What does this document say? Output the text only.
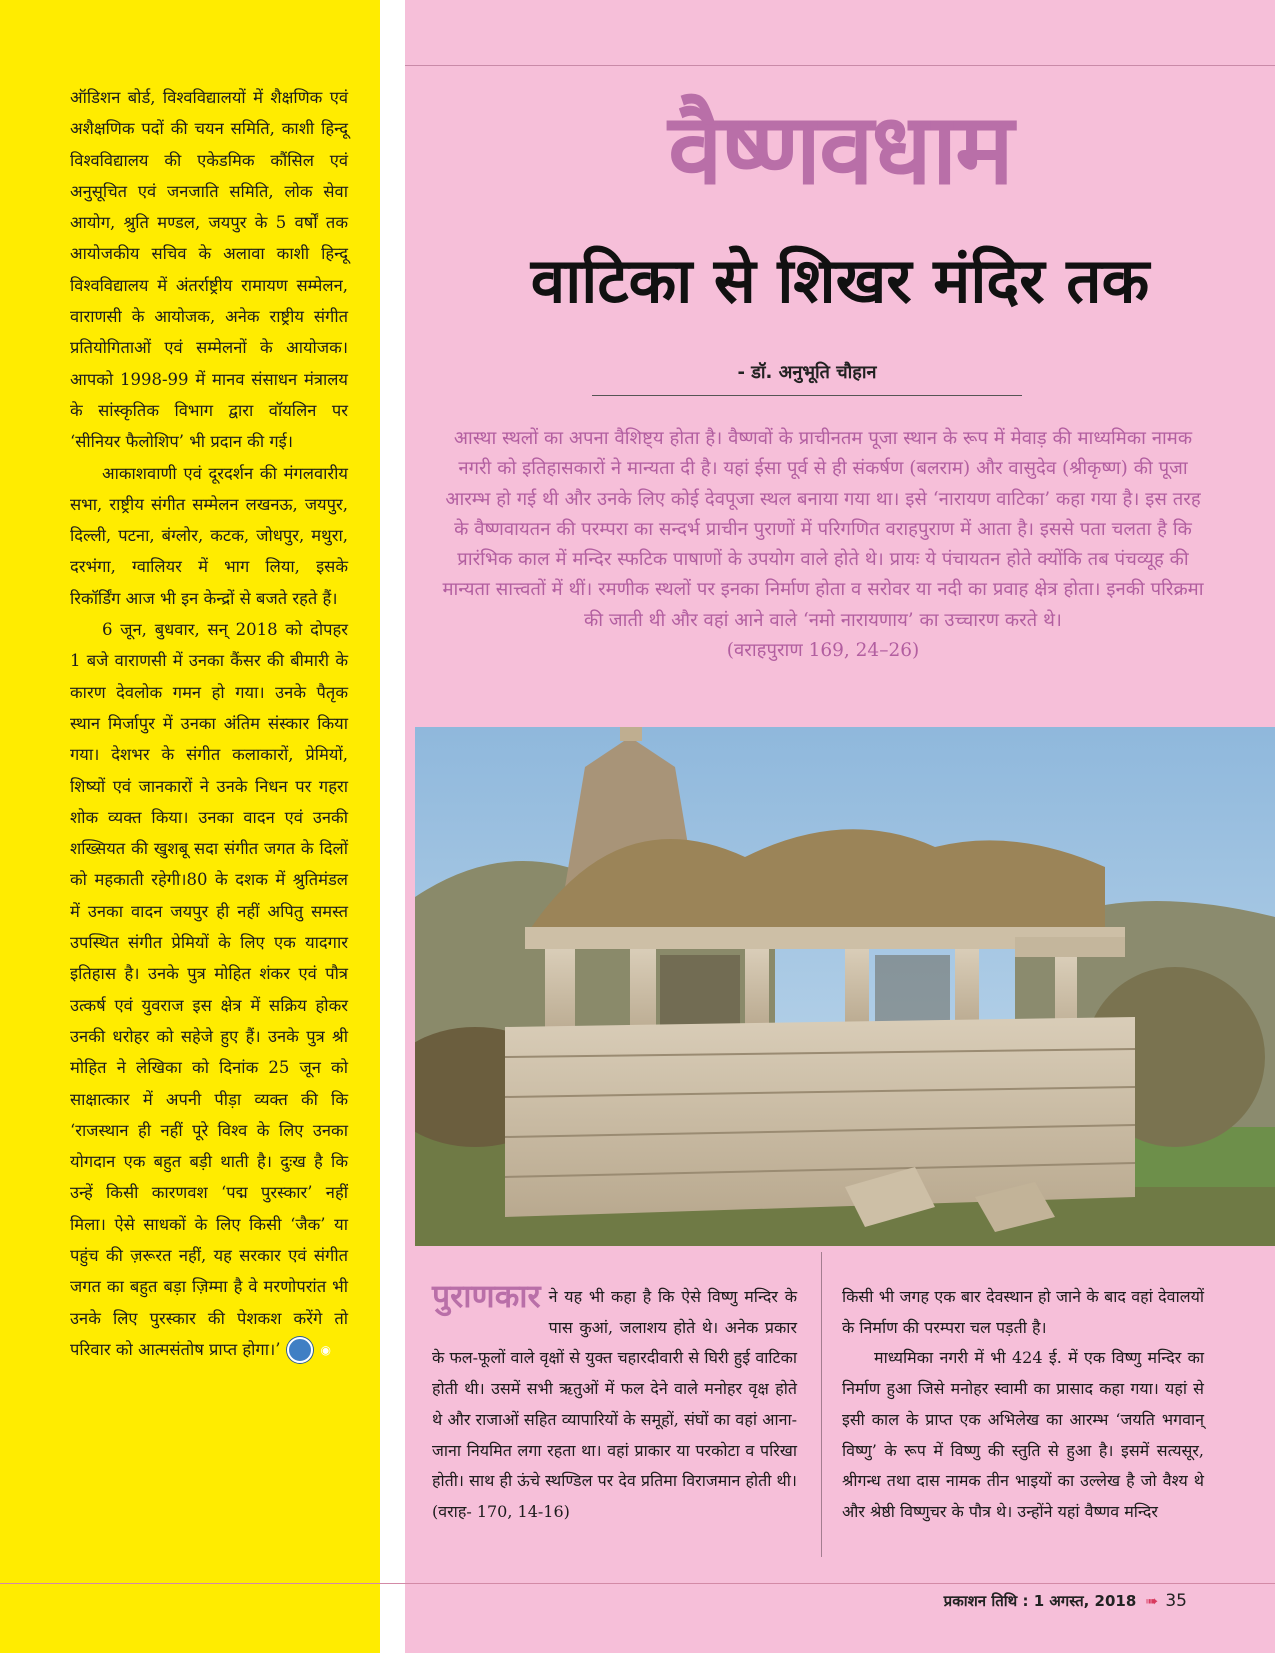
ऑडिशन बोर्ड, विश्वविद्यालयों में शैक्षणिक एवं अशैक्षणिक पदों की चयन समिति, काशी हिन्दू विश्वविद्यालय की एकेडमिक कौंसिल एवं अनुसूचित एवं जनजाति समिति, लोक सेवा आयोग, श्रुति मण्डल, जयपुर के 5 वर्षों तक आयोजकीय सचिव के अलावा काशी हिन्दू विश्वविद्यालय में अंतर्राष्ट्रीय रामायण सम्मेलन, वाराणसी के आयोजक, अनेक राष्ट्रीय संगीत प्रतियोगिताओं एवं सम्मेलनों के आयोजक। आपको 1998-99 में मानव संसाधन मंत्रालय के सांस्कृतिक विभाग द्वारा वॉयलिन पर ‘सीनियर फैलोशिप’ भी प्रदान की गई।

आकाशवाणी एवं दूरदर्शन की मंगलवारीय सभा, राष्ट्रीय संगीत सम्मेलन लखनऊ, जयपुर, दिल्ली, पटना, बंग्लोर, कटक, जोधपुर, मथुरा, दरभंगा, ग्वालियर में भाग लिया, इसके रिकॉर्डिंग आज भी इन केन्द्रों से बजते रहते हैं।

6 जून, बुधवार, सन् 2018 को दोपहर 1 बजे वाराणसी में उनका कैंसर की बीमारी के कारण देवलोक गमन हो गया। उनके पैतृक स्थान मिर्जापुर में उनका अंतिम संस्कार किया गया। देशभर के संगीत कलाकारों, प्रेमियों, शिष्यों एवं जानकारों ने उनके निधन पर गहरा शोक व्यक्त किया। उनका वादन एवं उनकी शख्सियत की खुशबू सदा संगीत जगत के दिलों को महकाती रहेगी।80 के दशक में श्रुतिमंडल में उनका वादन जयपुर ही नहीं अपितु समस्त उपस्थित संगीत प्रेमियों के लिए एक यादगार इतिहास है। उनके पुत्र मोहित शंकर एवं पौत्र उत्कर्ष एवं युवराज इस क्षेत्र में सक्रिय होकर उनकी धरोहर को सहेजे हुए हैं। उनके पुत्र श्री मोहित ने लेखिका को दिनांक 25 जून को साक्षात्कार में अपनी पीड़ा व्यक्त की कि ‘राजस्थान ही नहीं पूरे विश्व के लिए उनका योगदान एक बहुत बड़ी थाती है। दुःख है कि उन्हें किसी कारणवश ‘पद्म पुरस्कार’ नहीं मिला। ऐसे साधकों के लिए किसी ‘जैक’ या पहुंच की ज़रूरत नहीं, यह सरकार एवं संगीत जगत का बहुत बड़ा ज़िम्मा है वे मरणोपरांत भी उनके लिए पुरस्कार की पेशकश करेंगे तो परिवार को आत्मसंतोष प्राप्त होगा।’	◉

वैष्णवधाम
वाटिका से शिखर मंदिर तक
- डॉ. अनुभूति चौहान

आस्था स्थलों का अपना वैशिष्ट्य होता है। वैष्णवों के प्राचीनतम पूजा स्थान के रूप में मेवाड़ की माध्यमिका नामक नगरी को इतिहासकारों ने मान्यता दी है। यहां ईसा पूर्व से ही संकर्षण (बलराम) और वासुदेव (श्रीकृष्ण) की पूजा आरम्भ हो गई थी और उनके लिए कोई देवपूजा स्थल बनाया गया था। इसे ‘नारायण वाटिका’ कहा गया है। इस तरह के वैष्णवायतन की परम्परा का सन्दर्भ प्राचीन पुराणों में परिगणित वराहपुराण में आता है। इससे पता चलता है कि प्रारंभिक काल में मन्दिर स्फटिक पाषाणों के उपयोग वाले होते थे। प्रायः ये पंचायतन होते क्योंकि तब पंचव्यूह की मान्यता सात्त्वतों में थीं। रमणीक स्थलों पर इनका निर्माण होता व सरोवर या नदी का प्रवाह क्षेत्र होता। इनकी परिक्रमा की जाती थी और वहां आने वाले ‘नमो नारायणाय’ का उच्चारण करते थे।

(वराहपुराण 169, 24–26)

पुराणकार ने यह भी कहा है कि ऐसे विष्णु मन्दिर के पास कुआं, जलाशय होते थे। अनेक प्रकार के फल-फूलों वाले वृक्षों से युक्त चहारदीवारी से घिरी हुई वाटिका होती थी। उसमें सभी ऋतुओं में फल देने वाले मनोहर वृक्ष होते थे और राजाओं सहित व्यापारियों के समूहों, संघों का वहां आना-जाना नियमित लगा रहता था। वहां प्राकार या परकोटा व परिखा होती। साथ ही ऊंचे स्थण्डिल पर देव प्रतिमा विराजमान होती थी। (वराह- 170, 14-16)

किसी भी जगह एक बार देवस्थान हो जाने के बाद वहां देवालयों के निर्माण की परम्परा चल पड़ती है।

माध्यमिका नगरी में भी 424 ई. में एक विष्णु मन्दिर का निर्माण हुआ जिसे मनोहर स्वामी का प्रासाद कहा गया। यहां से इसी काल के प्राप्त एक अभिलेख का आरम्भ ‘जयति भगवान् विष्णु’ के रूप में विष्णु की स्तुति से हुआ है। इसमें सत्यसूर, श्रीगन्ध तथा दास नामक तीन भाइयों का उल्लेख है जो वैश्य थे और श्रेष्ठी विष्णुचर के पौत्र थे। उन्होंने यहां वैष्णव मन्दिर

प्रकाशन तिथि : 1 अगस्त, 2018 ➠ 35
